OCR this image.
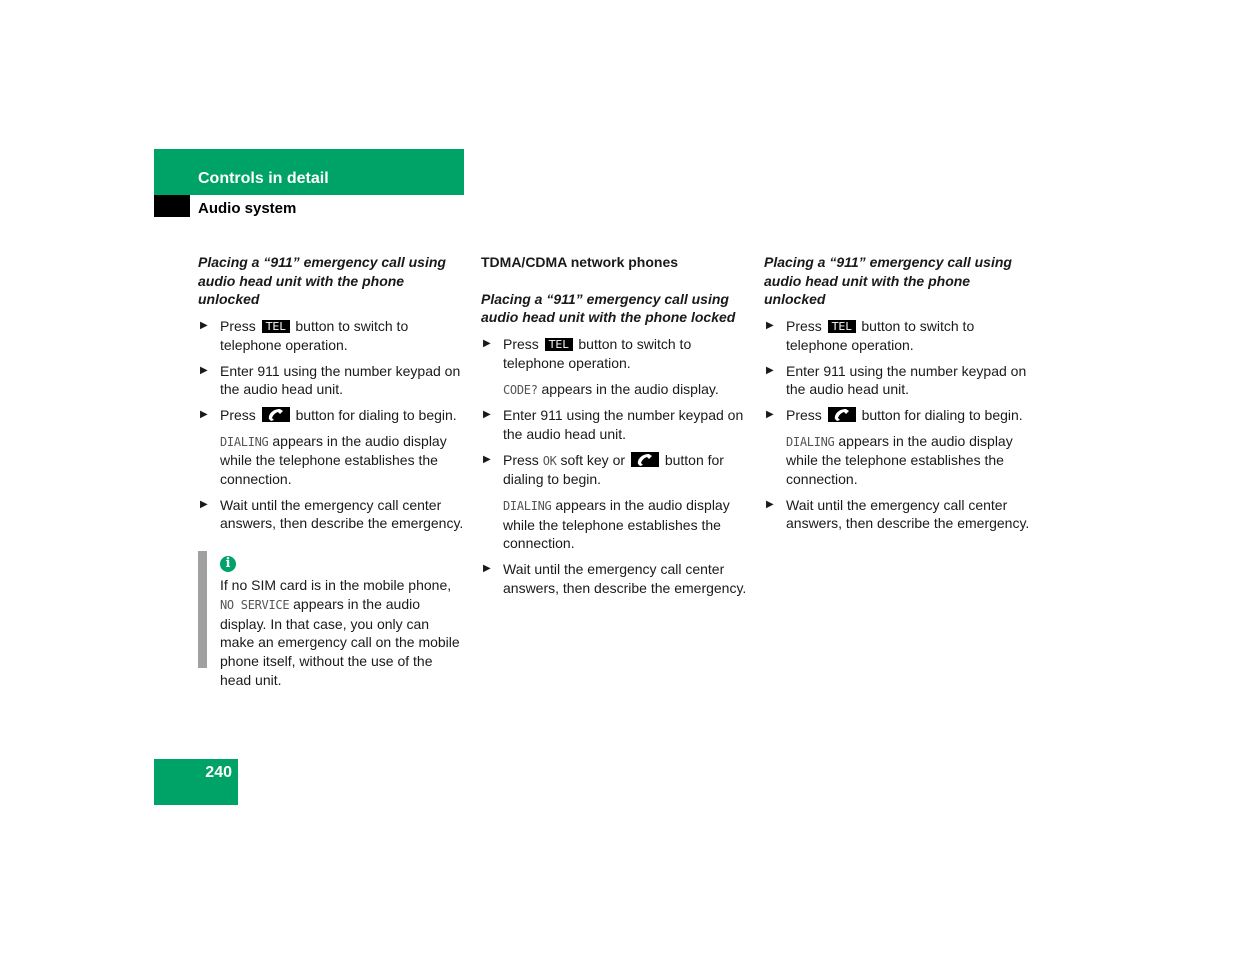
Controls in detail
Audio system
Placing a “911” emergency call using audio head unit with the phone unlocked
▶ Press TEL button to switch to telephone operation.
▶ Enter 911 using the number keypad on the audio head unit.
▶ Press	button for dialing to begin.
DIALING appears in the audio display while the telephone establishes the connection.
▶ Wait until the emergency call center answers, then describe the emergency.
i
If no SIM card is in the mobile phone, NO SERVICE appears in the audio display. In that case, you only can make an emergency call on the mobile phone itself, without the use of the head unit.
TDMA/CDMA network phones
Placing a “911” emergency call using audio head unit with the phone locked
▶ Press TEL button to switch to telephone operation.
CODE? appears in the audio display.
▶ Enter 911 using the number keypad on the audio head unit.
▶ Press OK soft key or	button for dialing to begin.
DIALING appears in the audio display while the telephone establishes the connection.
▶ Wait until the emergency call center answers, then describe the emergency.
Placing a “911” emergency call using audio head unit with the phone unlocked
▶ Press TEL button to switch to telephone operation.
▶ Enter 911 using the number keypad on the audio head unit.
▶ Press	button for dialing to begin.
DIALING appears in the audio display while the telephone establishes the connection.
▶ Wait until the emergency call center answers, then describe the emergency.
240
